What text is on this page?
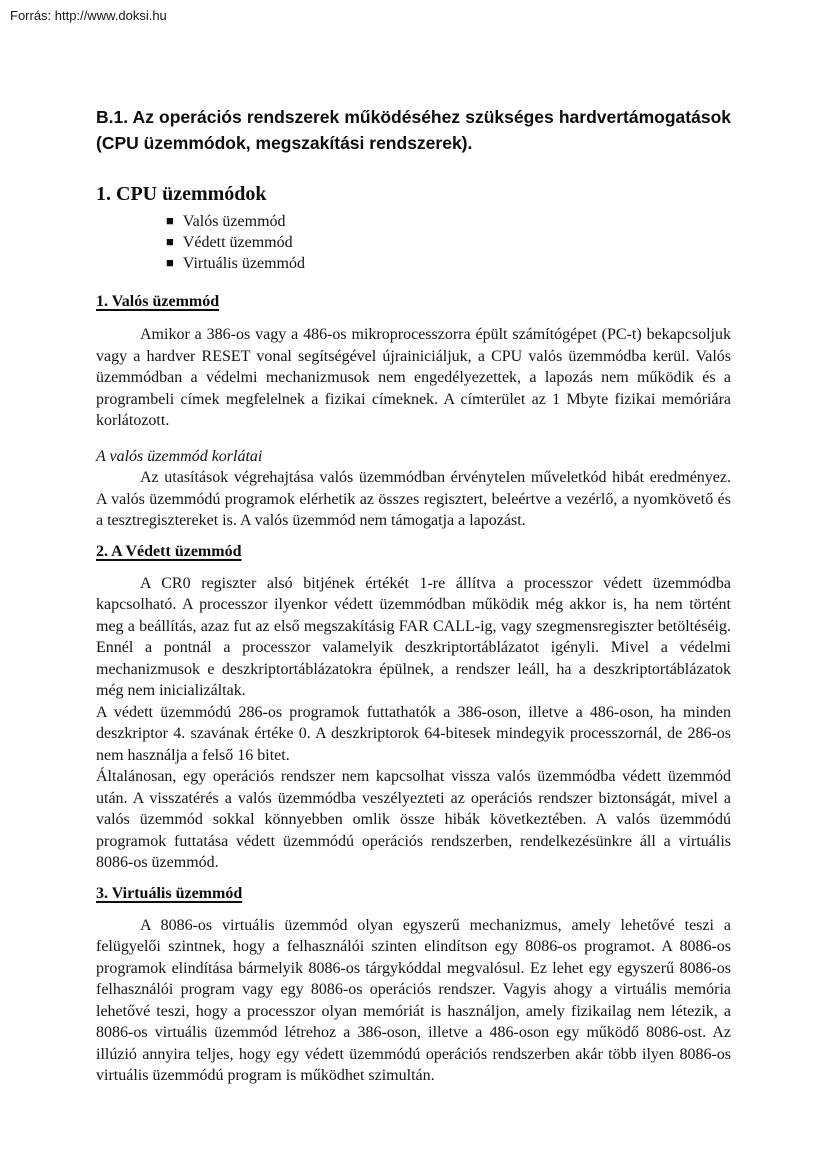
Forrás: http://www.doksi.hu
B.1. Az operációs rendszerek működéséhez szükséges hardvertámogatások (CPU üzemmódok, megszakítási rendszerek).
1. CPU üzemmódok
■ Valós üzemmód
■ Védett üzemmód
■ Virtuális üzemmód
1. Valós üzemmód

Amikor a 386-os vagy a 486-os mikroprocesszorra épült számítógépet (PC-t) bekapcsoljuk vagy a hardver RESET vonal segítségével újrainiciáljuk, a CPU valós üzemmódba kerül. Valós üzemmódban a védelmi mechanizmusok nem engedélyezettek, a lapozás nem működik és a programbeli címek megfelelnek a fizikai címeknek. A címterület az 1 Mbyte fizikai memóriára korlátozott.

A valós üzemmód korlátai

Az utasítások végrehajtása valós üzemmódban érvénytelen műveletkód hibát eredményez. A valós üzemmódú programok elérhetik az összes regisztert, beleértve a vezérlő, a nyomkövető és a tesztregisztereket is. A valós üzemmód nem támogatja a lapozást.

2. A Védett üzemmód

A CR0 regiszter alsó bitjének értékét 1-re állítva a processzor védett üzemmódba kapcsolható. A processzor ilyenkor védett üzemmódban működik még akkor is, ha nem történt meg a beállítás, azaz fut az első megszakításig FAR CALL-ig, vagy szegmensregiszter betöltéséig. Ennél a pontnál a processzor valamelyik deszkriptortáblázatot igényli. Mivel a védelmi mechanizmusok e deszkriptortáblázatokra épülnek, a rendszer leáll, ha a deszkriptortáblázatok még nem inicializáltak.

A védett üzemmódú 286-os programok futtathatók a 386-oson, illetve a 486-oson, ha minden deszkriptor 4. szavának értéke 0. A deszkriptorok 64-bitesek mindegyik processzornál, de 286-os nem használja a felső 16 bitet.

Általánosan, egy operációs rendszer nem kapcsolhat vissza valós üzemmódba védett üzemmód után. A visszatérés a valós üzemmódba veszélyezteti az operációs rendszer biztonságát, mivel a valós üzemmód sokkal könnyebben omlik össze hibák következtében. A valós üzemmódú programok futtatása védett üzemmódú operációs rendszerben, rendelkezésünkre áll a virtuális 8086-os üzemmód.

3. Virtuális üzemmód

A 8086-os virtuális üzemmód olyan egyszerű mechanizmus, amely lehetővé teszi a felügyelői szintnek, hogy a felhasználói szinten elindítson egy 8086-os programot. A 8086-os programok elindítása bármelyik 8086-os tárgykóddal megvalósul. Ez lehet egy egyszerű 8086-os felhasználói program vagy egy 8086-os operációs rendszer. Vagyis ahogy a virtuális memória lehetővé teszi, hogy a processzor olyan memóriát is használjon, amely fizikailag nem létezik, a 8086-os virtuális üzemmód létrehoz a 386-oson, illetve a 486-oson egy működő 8086-ost. Az illúzió annyira teljes, hogy egy védett üzemmódú operációs rendszerben akár több ilyen 8086-os virtuális üzemmódú program is működhet szimultán.
